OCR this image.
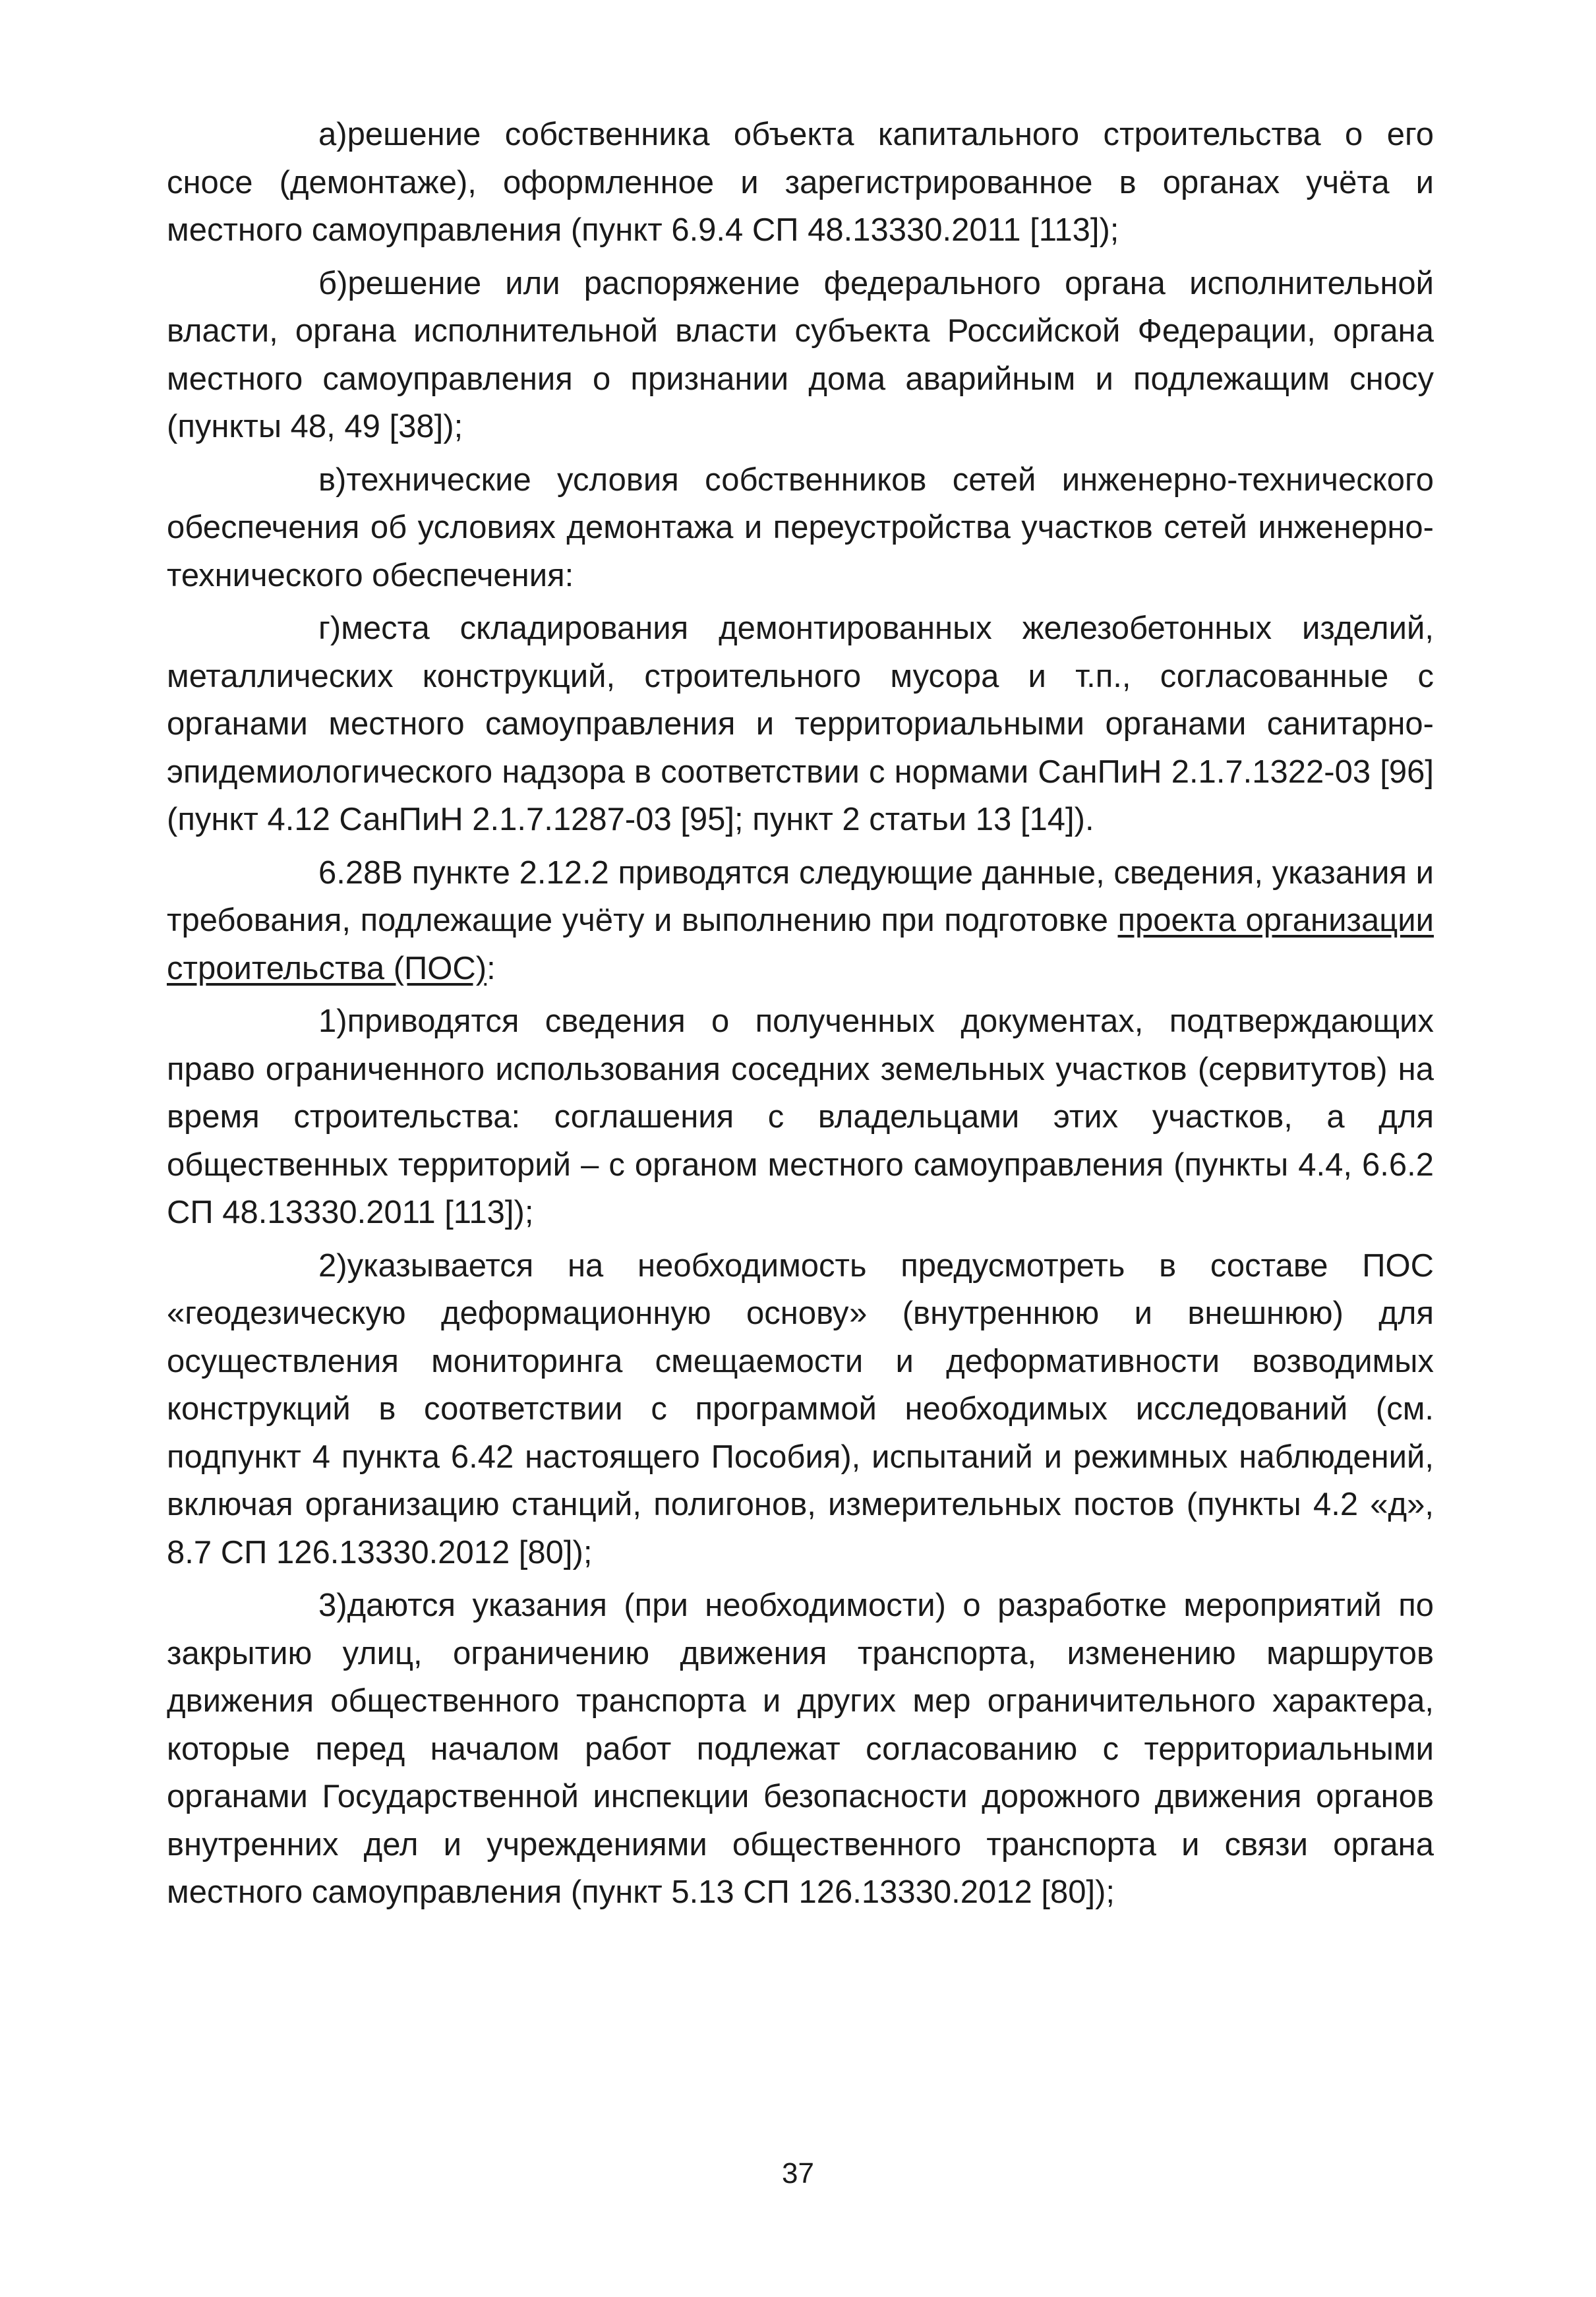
а)решение собственника объекта капитального строительства о его сносе (демонтаже), оформленное и зарегистрированное в органах учёта и местного самоуправления (пункт 6.9.4 СП 48.13330.2011 [113]);

б)решение или распоряжение федерального органа исполнительной власти, органа исполнительной власти субъекта Российской Федерации, органа местного самоуправления о признании дома аварийным и подлежащим сносу (пункты 48, 49 [38]);

в)технические условия собственников сетей инженерно-технического обеспечения об условиях демонтажа и переустройства участков сетей инженерно-технического обеспечения:

г)места складирования демонтированных железобетонных изделий, металлических конструкций, строительного мусора и т.п., согласованные с органами местного самоуправления и территориальными органами санитарно-эпидемиологического надзора в соответствии с нормами СанПиН 2.1.7.1322-03 [96] (пункт 4.12 СанПиН 2.1.7.1287-03 [95]; пункт 2 статьи 13 [14]).

6.28В пункте 2.12.2 приводятся следующие данные, сведения, указания и требования, подлежащие учёту и выполнению при подготовке проекта организации строительства (ПОС):

1)приводятся сведения о полученных документах, подтверждающих право ограниченного использования соседних земельных участков (сервитутов) на время строительства: соглашения с владельцами этих участков, а для общественных территорий – с органом местного самоуправления (пункты 4.4, 6.6.2 СП 48.13330.2011 [113]);

2)указывается на необходимость предусмотреть в составе ПОС «геодезическую деформационную основу» (внутреннюю и внешнюю) для осуществления мониторинга смещаемости и деформативности возводимых конструкций в соответствии с программой необходимых исследований (см. подпункт 4 пункта 6.42 настоящего Пособия), испытаний и режимных наблюдений, включая организацию станций, полигонов, измерительных постов (пункты 4.2 «д», 8.7 СП 126.13330.2012 [80]);

3)даются указания (при необходимости) о разработке мероприятий по закрытию улиц, ограничению движения транспорта, изменению маршрутов движения общественного транспорта и других мер ограничительного характера, которые перед началом работ подлежат согласованию с территориальными органами Государственной инспекции безопасности дорожного движения органов внутренних дел и учреждениями общественного транспорта и связи органа местного самоуправления (пункт 5.13 СП 126.13330.2012 [80]);

37
